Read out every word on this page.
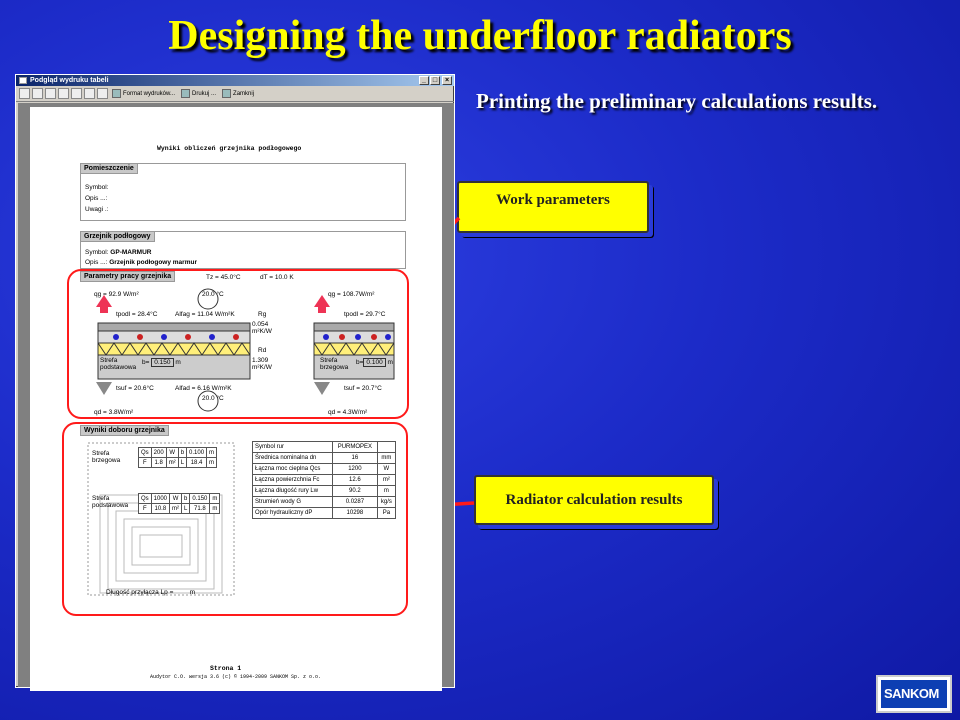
Designing the underfloor radiators
Printing the preliminary calculations results.
Work parameters
Radiator calculation results
Podgląd wydruku tabeli	_ □	×
Format wydruków...	Drukuj ...	Zamknij
Wyniki obliczeń grzejnika podłogowego
Pomieszczenie
Symbol:
Opis ...:
Uwagi .:
Grzejnik podłogowy
Symbol: GP-MARMUR
Opis ...: Grzejnik podłogowy marmur
Parametry pracy grzejnika	Tz = 45.0°C	dT = 10.0 K
qg = 92.9 W/m²	20.0 °C
tpodl = 28.4°C	Alfag = 11.04 W/m²K	Rg
0.054 m²K/W
Rd
1.309 m²K/W
Strefa podstawowa
b= 0.150 m
tsuf = 20.6°C	Alfad = 6.16 W/m²K
qd = 3.8W/m²
20.0 °C
qg = 108.7W/m²
tpodl = 29.7°C
Strefa brzegowa
b= 0.100 m
tsuf = 20.7°C
qd = 4.3W/m²
Wyniki doboru grzejnika
Strefa brzegowa
Strefa podstawowa
Qs	200	W	b	0.100	m
F	1.8	m²	L	18.4	m
Qs	1000	W	b	0.150	m
F	10.8	m²	L	71.8	m
Symbol rur	PURMOPEX	
Średnica nominalna dn	16	mm
Łączna moc cieplna Qcs	1200	W
Łączna powierzchnia Fc	12.6	m²
Łączna długość rury Lw	90.2	m
Strumień wody G	0.0287	kg/s
Opór hydrauliczny dP	10298	Pa
Długość przyłącza Lp =	m
Strona 1
Audytor C.O. wersja 3.6 (c) © 1994-2009 SANKOM Sp. z o.o.
SANKOM
